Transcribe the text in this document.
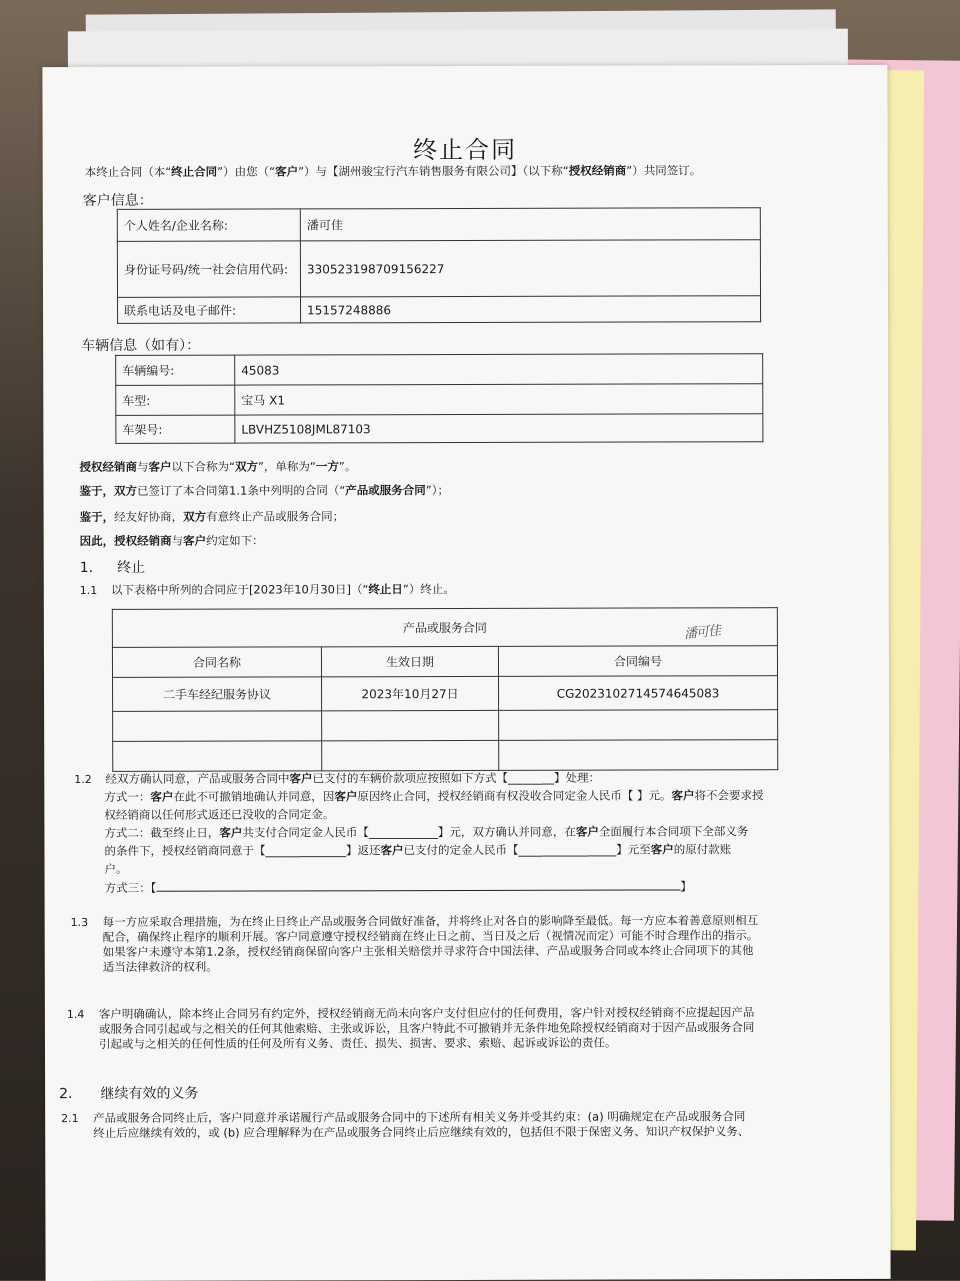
终止合同
本终止合同（本“终止合同”）由您（“客户”）与【湖州骏宝行汽车销售服务有限公司】（以下称“授权经销商”）共同签订。
客户信息：
个人姓名/企业名称:	潘可佳
身份证号码/统一社会信用代码:	330523198709156227
联系电话及电子邮件:	15157248886
车辆信息（如有）：
车辆编号:	45083
车型:	宝马 X1
车架号:	LBVHZ5108JML87103
授权经销商与客户以下合称为“双方”，单称为“一方”。
鉴于，双方已签订了本合同第1.1条中列明的合同（“产品或服务合同”）；
鉴于，经友好协商，双方有意终止产品或服务合同；
因此，授权经销商与客户约定如下：
1. 终止
1.1 以下表格中所列的合同应于[2023年10月30日]（“终止日”）终止。
产品或服务合同		
合同名称	生效日期	合同编号
二手车经纪服务协议	2023年10月27日	CG20231027145746450​83

潘可佳
1.2 经双方确认同意，产品或服务合同中客户已支付的车辆价款项应按照如下方式【________】处理：
方式一：客户在此不可撤销地确认并同意，因客户原因终止合同，授权经销商有权没收合同定金人民币【 】元。客户将不会要求授
权经销商以任何形式返还已没收的合同定金。
方式二：截至终止日，客户共支付合同定金人民币【____________】元，双方确认并同意，在客户全面履行本合同项下全部义务
的条件下，授权经销商同意于【______________】返还客户已支付的定金人民币【_________________】元至客户的原付款账
户。
方式三：【	】
1.3 每一方应采取合理措施，为在终止日终止产品或服务合同做好准备，并将终止对各自的影响降至最低。每一方应本着善意原则相互
配合，确保终止程序的顺利开展。客户同意遵守授权经销商在终止日之前、当日及之后（视情况而定）可能不时合理作出的指示。
如果客户未遵守本第1.2条，授权经销商保留向客户主张相关赔偿并寻求符合中国法律、产品或服务合同或本终止合同项下的其他
适当法律救济的权利。
1.4 客户明确确认，除本终止合同另有约定外，授权经销商无尚未向客户支付但应付的任何费用，客户针对授权经销商不应提起因产品
或服务合同引起或与之相关的任何其他索赔、主张或诉讼，且客户特此不可撤销并无条件地免除授权经销商对于因产品或服务合同
引起或与之相关的任何性质的任何及所有义务、责任、损失、损害、要求、索赔、起诉或诉讼的责任。
2. 继续有效的义务
2.1 产品或服务合同终止后，客户同意并承诺履行产品或服务合同中的下述所有相关义务并受其约束：(a) 明确规定在产品或服务合同
终止后应继续有效的，或 (b) 应合理解释为在产品或服务合同终止后应继续有效的，包括但不限于保密义务、知识产权保护义务、
